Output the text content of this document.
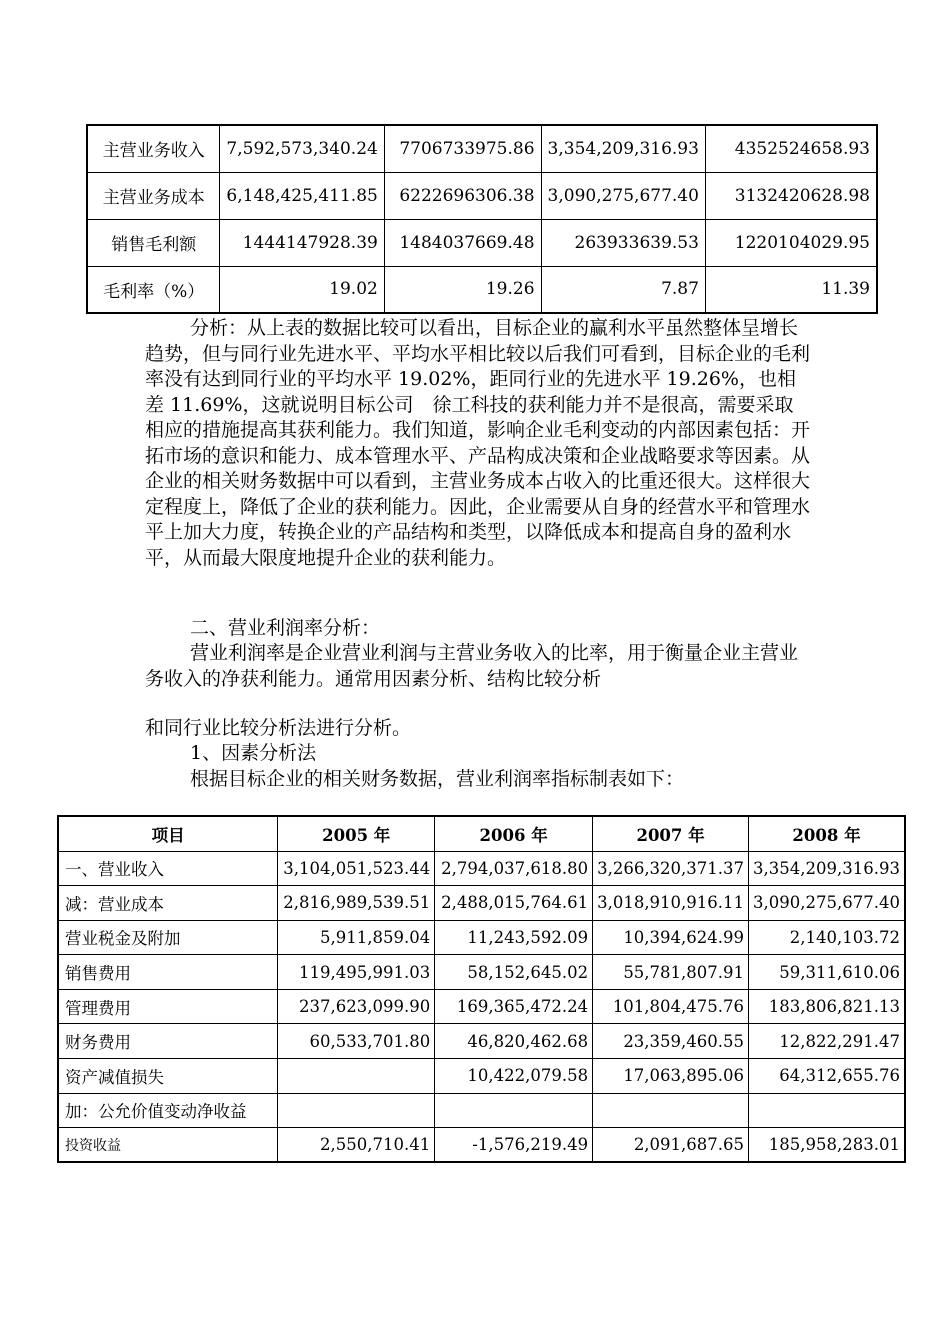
主营业务收入	7,592,573,340.24	7706733975.86	3,354,209,316.93	4352524658.93
主营业务成本	6,148,425,411.85	6222696306.38	3,090,275,677.40	3132420628.98
销售毛利额	1444147928.39	1484037669.48	263933639.53	1220104029.95
毛利率（%）	19.02	19.26	7.87	11.39

分析：从上表的数据比较可以看出，目标企业的赢利水平虽然整体呈增长趋势，但与同行业先进水平、平均水平相比较以后我们可看到，目标企业的毛利率没有达到同行业的平均水平 19.02%，距同行业的先进水平 19.26%，也相差 11.69%，这就说明目标公司　徐工科技的获利能力并不是很高，需要采取相应的措施提高其获利能力。我们知道，影响企业毛利变动的内部因素包括：开拓市场的意识和能力、成本管理水平、产品构成决策和企业战略要求等因素。从企业的相关财务数据中可以看到，主营业务成本占收入的比重还很大。这样很大定程度上，降低了企业的获利能力。因此，企业需要从自身的经营水平和管理水平上加大力度，转换企业的产品结构和类型，以降低成本和提高自身的盈利水平，从而最大限度地提升企业的获利能力。

二、营业利润率分析：

营业利润率是企业营业利润与主营业务收入的比率，用于衡量企业主营业务收入的净获利能力。通常用因素分析、结构比较分析

和同行业比较分析法进行分析。

1、因素分析法

根据目标企业的相关财务数据，营业利润率指标制表如下：

项目	2005 年	2006 年	2007 年	2008 年
一、营业收入	3,104,051,523.44	2,794,037,618.80	3,266,320,371.37	3,354,209,316.93
减：营业成本	2,816,989,539.51	2,488,015,764.61	3,018,910,916.11	3,090,275,677.40
营业税金及附加	5,911,859.04	11,243,592.09	10,394,624.99	2,140,103.72
销售费用	119,495,991.03	58,152,645.02	55,781,807.91	59,311,610.06
管理费用	237,623,099.90	169,365,472.24	101,804,475.76	183,806,821.13
财务费用	60,533,701.80	46,820,462.68	23,359,460.55	12,822,291.47
资产减值损失		10,422,079.58	17,063,895.06	64,312,655.76
加：公允价值变动净收益				
投资收益	2,550,710.41	-1,576,219.49	2,091,687.65	185,958,283.01
